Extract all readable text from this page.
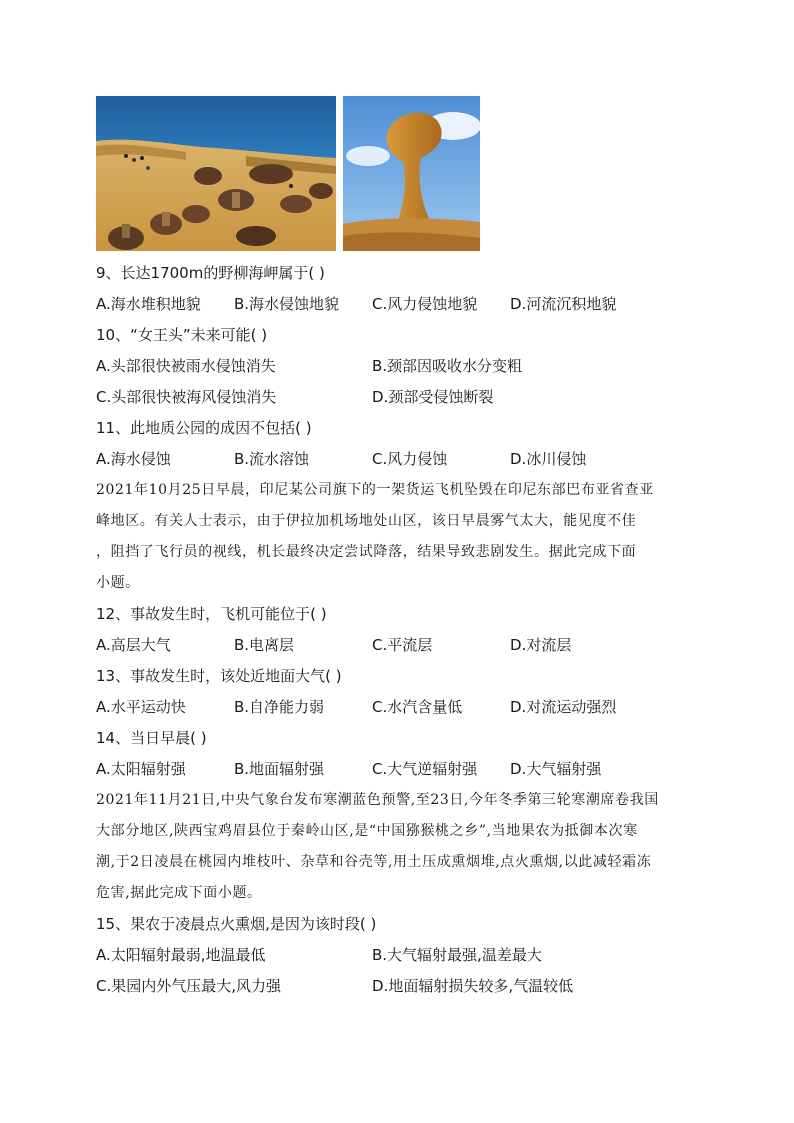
9、长达1700m的野柳海岬属于( )
A.海水堆积地貌 B.海水侵蚀地貌 C.风力侵蚀地貌 D.河流沉积地貌
10、“女王头”未来可能( )
A.头部很快被雨水侵蚀消失	B.颈部因吸收水分变粗
C.头部很快被海风侵蚀消失	D.颈部受侵蚀断裂
11、此地质公园的成因不包括( )
A.海水侵蚀	B.流水溶蚀	C.风力侵蚀	D.冰川侵蚀
2021年10月25日早晨，印尼某公司旗下的一架货运飞机坠毁在印尼东部巴布亚省查亚
峰地区。有关人士表示，由于伊拉加机场地处山区，该日早晨雾气太大，能见度不佳
，阻挡了飞行员的视线，机长最终决定尝试降落，结果导致悲剧发生。据此完成下面
小题。
12、事故发生时，飞机可能位于( )
A.高层大气	B.电离层	C.平流层	D.对流层
13、事故发生时，该处近地面大气( )
A.水平运动快	B.自净能力弱	C.水汽含量低	D.对流运动强烈
14、当日早晨( )
A.太阳辐射强	B.地面辐射强	C.大气逆辐射强 D.大气辐射强
2021年11月21日,中央气象台发布寒潮蓝色预警,至23日,今年冬季第三轮寒潮席卷我国
大部分地区,陕西宝鸡眉县位于秦岭山区,是“中国猕猴桃之乡”,当地果农为抵御本次寒
潮,于2日凌晨在桃园内堆枝叶、杂草和谷壳等,用土压成熏烟堆,点火熏烟,以此减轻霜冻
危害,据此完成下面小题。
15、果农于凌晨点火熏烟,是因为该时段( )
A.太阳辐射最弱,地温最低	B.大气辐射最强,温差最大
C.果园内外气压最大,风力强	D.地面辐射损失较多,气温较低
